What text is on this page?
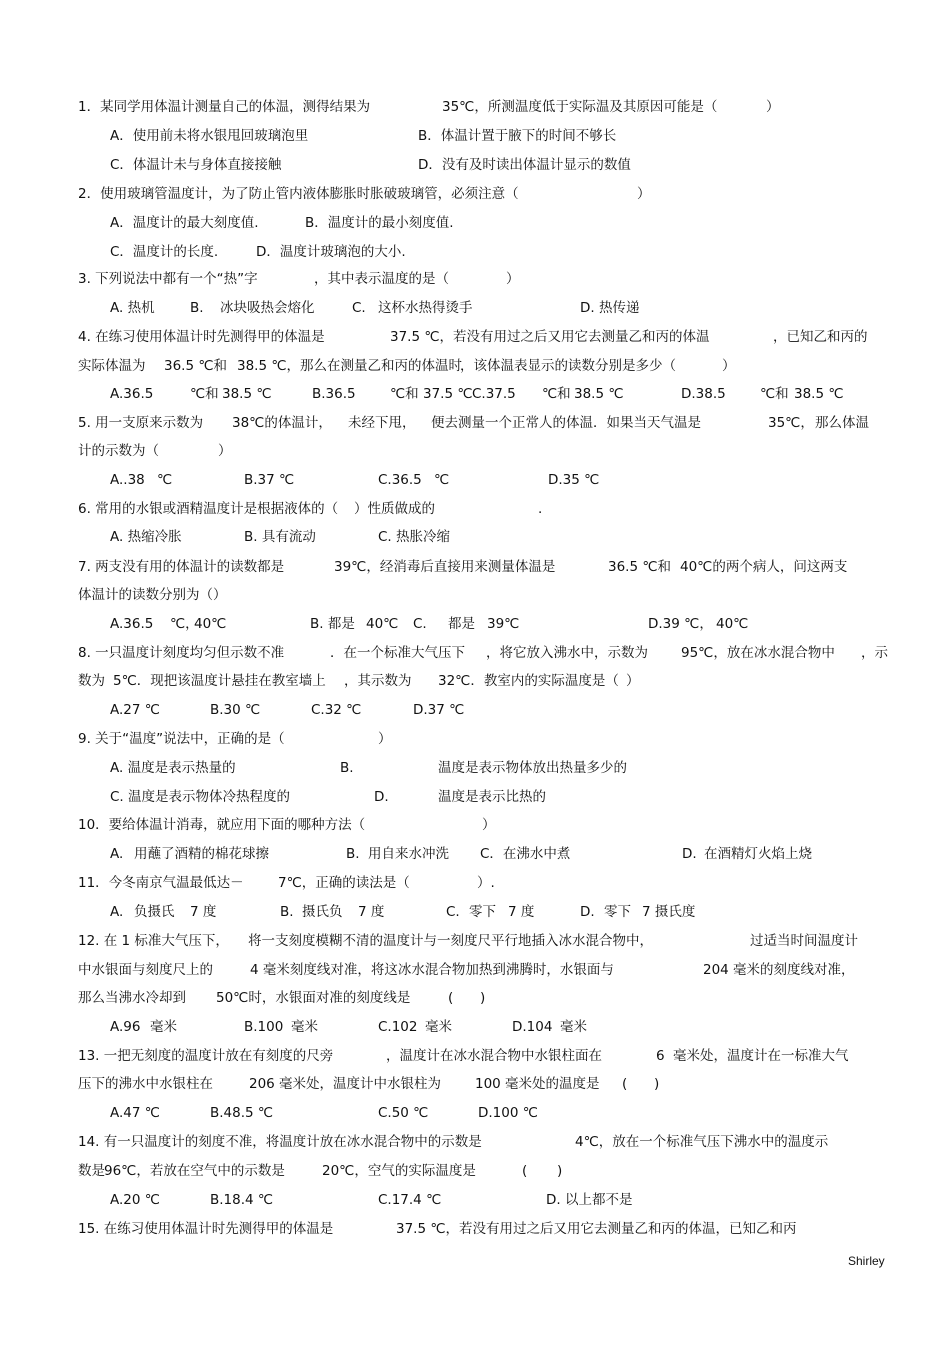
Shirley
1．某同学用体温计测量自己的体温，测得结果为	35℃，所测温度低于实际温及其原因可能是（	）
A．使用前未将水银甩回玻璃泡里	B．体温计置于腋下的时间不够长
C．体温计未与身体直接接触	D．没有及时读出体温计显示的数值
2．使用玻璃管温度计，为了防止管内液体膨胀时胀破玻璃管，必须注意（	）
A．温度计的最大刻度值.	B．温度计的最小刻度值.
C．温度计的长度.	D．温度计玻璃泡的大小.
3. 下列说法中都有一个“热”字	，其中表示温度的是（	）
A. 热机	B. 冰块吸热会熔化	C. 这杯水热得烫手	D. 热传递
4. 在练习使用体温计时先测得甲的体温是	37.5 ℃，若没有用过之后又用它去测量乙和丙的体温	，已知乙和丙的
实际体温为 36.5 ℃和 38.5 ℃，那么在测量乙和丙的体温时
，该体温表显示的读数分别是多少（	）
A.36.5	℃和 38.5 ℃	B.36.5	℃和 37.5 ℃ C.37.5 ℃和 38.5 ℃	D.38.5	℃和 38.5 ℃
5. 用一支原来示数为 38℃的体温计， 未经下甩， 便去测量一个正常人的体温．如果当天气温是	35℃， 那么体温
计的示数为（	）
A..38 ℃	B.37 ℃	C.36.5 ℃	D.35 ℃
6. 常用的水银或酒精温度计是根据液体的（ ）性质做成的	.
A. 热缩冷胀	B. 具有流动	C. 热胀冷缩
7. 两支没有用的体温计的读数都是	39℃，经消毒后直接用来测量体温是	36.5 ℃和 40℃的两个病人，问这两支
体温计的读数分别为（）
A.36.5 ℃，
40℃	B. 都是 40℃ C. 都是 39℃	D.39 ℃， 40℃
8. 一只温度计刻度均匀但示数不准	．在一个标准大气压下 ，将它放入沸水中 ，示数为 95℃，放在冰水混合物中 ，示
数为 5℃．现把该温度计悬挂在教室墙上 ，其示数为 32℃．教室内的实际温度是（ ）
A.27 ℃	B.30 ℃	C.32 ℃	D.37 ℃
9. 关于“温度”说法中，正确的是（	）
A. 温度是表示热量的	B.	温度是表示物体放出热量多少的
C. 温度是表示物体冷热程度的	D.	温度是表示比热的
10．要给体温计消毒，就应用下面的哪种方法（	）
A. 用蘸了酒精的棉花球擦	B. 用自来水冲洗 C．在沸水中煮	D. 在酒精灯火焰上烧
11．今冬南京气温最低达－	7℃，正确的读法是（	）.
A. 负摄氏 7 度	B. 摄氏负 7 度	C. 零下 7 度	D. 零下 7 摄氏度
12. 在 1 标准大气压下， 将一支刻度模糊不清的温度计与一刻度尺平行地插入冰水混合物中，	过适当时间温度计
中水银面与刻度尺上的	4 毫米刻度线对准，将这冰水混合物加热到沸腾时，水银面与	204 毫米的刻度线对准，
那么当沸水冷却到 50℃时，水银面对准的刻度线是	( )
A.96 毫米	B.100 毫米	C.102 毫米	D.104 毫米
13. 一把无刻度的温度计放在有刻度的尺旁	，温度计在冰水混合物中水银柱面在	6 毫米处，温度计在一标准大气
压下的沸水中水银柱在	206 毫米处，温度计中水银柱为	100 毫米处的温度是 ( )
A.47 ℃	B.48.5 ℃	C.50 ℃	D.100 ℃
14. 有一只温度计的刻度不准，将温度计放在冰水混合物中的示数是	4℃，放在一个标准气压下沸水中的温度示
数是 96℃，若放在空气中的示数是	20℃，空气的实际温度是	( )
A.20 ℃	B.18.4 ℃	C.17.4 ℃	D. 以上都不是
15. 在练习使用体温计时先测得甲的体温是	37.5 ℃，若没有用过之后又用它去测量乙和丙的体温，已知乙和丙
